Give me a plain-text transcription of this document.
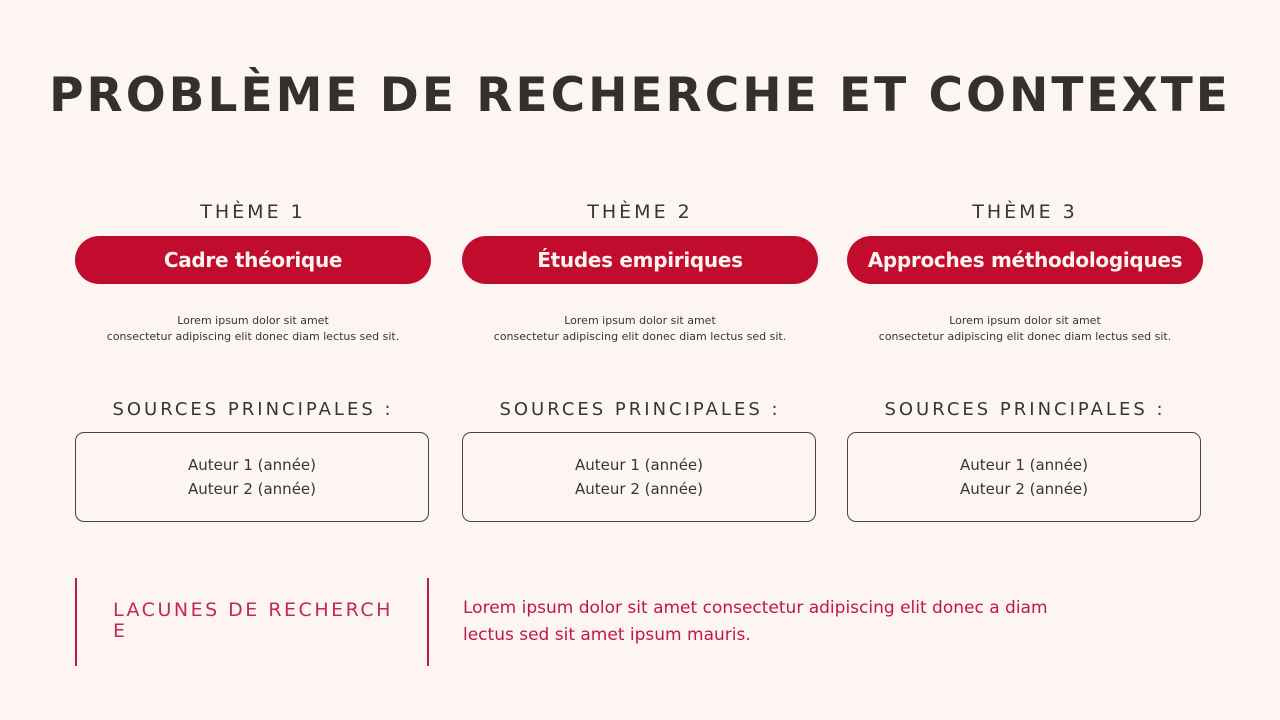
PROBLÈME DE RECHERCHE ET CONTEXTE
THÈME 1
Cadre théorique
Lorem ipsum dolor sit amet
consectetur adipiscing elit donec diam lectus sed sit.
SOURCES PRINCIPALES :
Auteur 1 (année)
Auteur 2 (année)
THÈME 2
Études empiriques
Lorem ipsum dolor sit amet
consectetur adipiscing elit donec diam lectus sed sit.
SOURCES PRINCIPALES :
Auteur 1 (année)
Auteur 2 (année)
THÈME 3
Approches méthodologiques
Lorem ipsum dolor sit amet
consectetur adipiscing elit donec diam lectus sed sit.
SOURCES PRINCIPALES :
Auteur 1 (année)
Auteur 2 (année)
LACUNES DE RECHERCHE
Lorem ipsum dolor sit amet consectetur adipiscing elit donec a diam
lectus sed sit amet ipsum mauris.
